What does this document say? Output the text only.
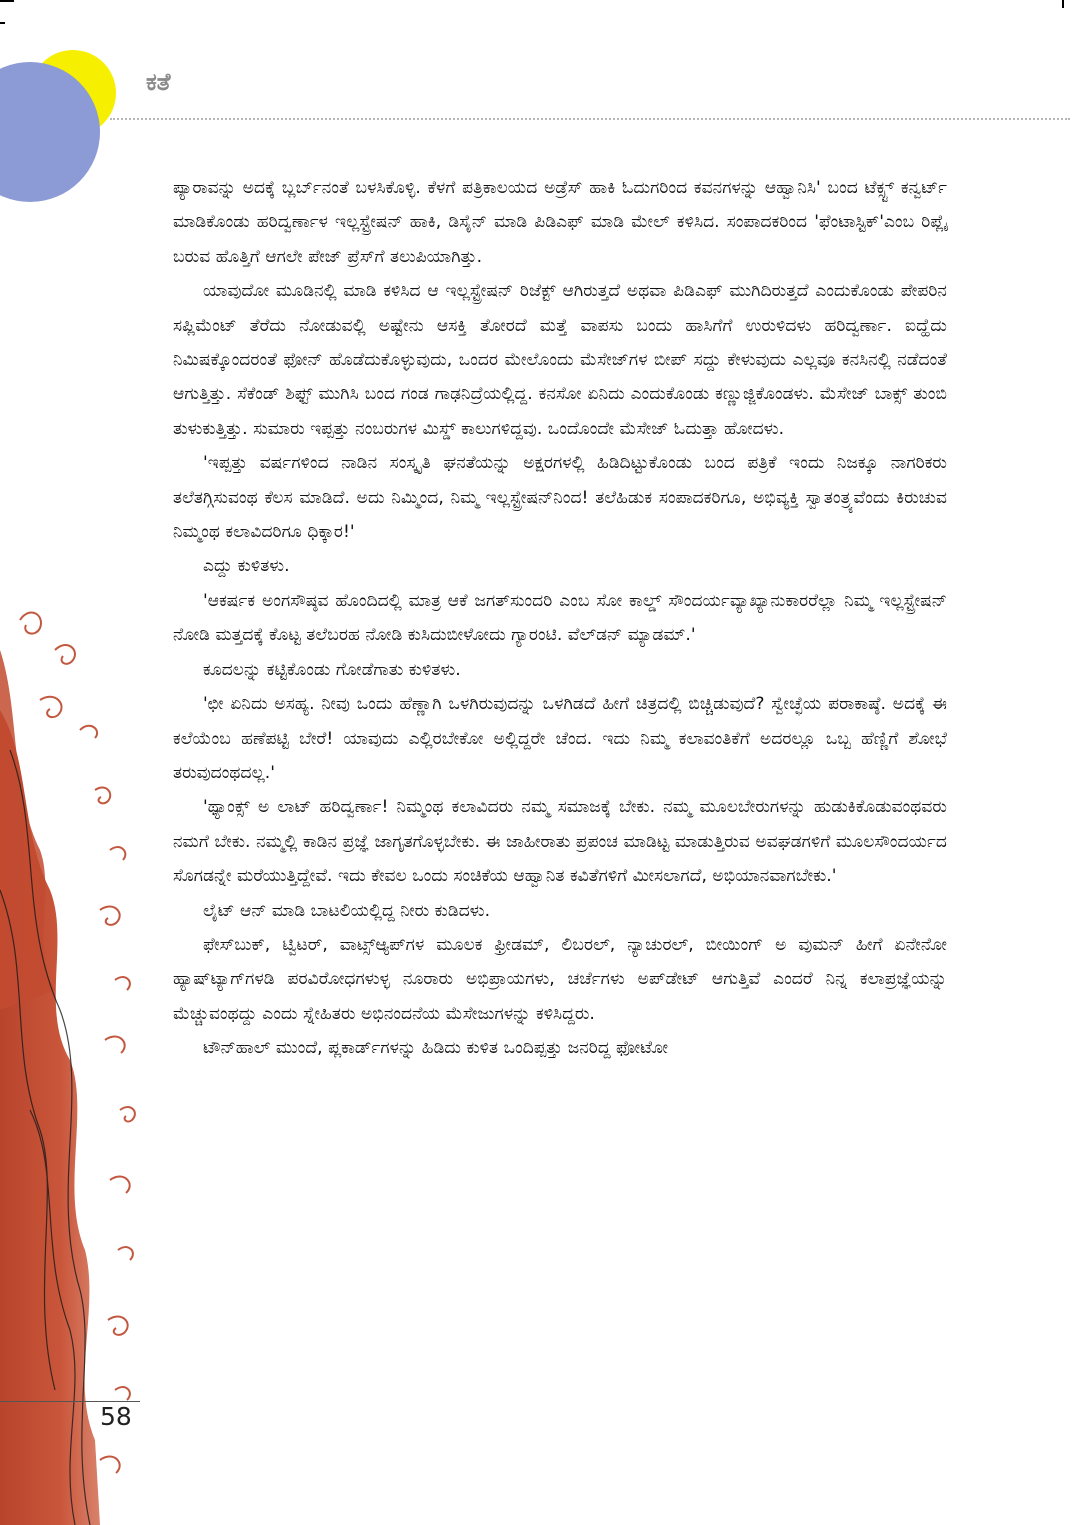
ಕತೆ

ಪ್ಯಾರಾವನ್ನು ಅದಕ್ಕೆ ಬ್ಲರ್ಬ್‌ನಂತೆ ಬಳಸಿಕೊಳ್ಳಿ. ಕೆಳಗೆ ಪತ್ರಿಕಾಲಯದ ಅಡ್ರೆಸ್ ಹಾಕಿ ಓದುಗರಿಂದ ಕವನಗಳನ್ನು ಆಹ್ವಾನಿಸಿ' ಬಂದ ಟೆಕ್ಸ್ಟ್ ಕನ್ವರ್ಟ್ ಮಾಡಿಕೊಂಡು ಹರಿದ್ವರ್ಣಾಳ ಇಲ್ಲಸ್ಟ್ರೇಷನ್ ಹಾಕಿ, ಡಿಸೈನ್ ಮಾಡಿ ಪಿಡಿಎಫ್ ಮಾಡಿ ಮೇಲ್ ಕಳಿಸಿದ. ಸಂಪಾದಕರಿಂದ 'ಫೆಂಟಾಸ್ಟಿಕ್'ಎಂಬ ರಿಪ್ಲೈ ಬರುವ ಹೊತ್ತಿಗೆ ಆಗಲೇ ಪೇಜ್ ಪ್ರೆಸ್‌ಗೆ ತಲುಪಿಯಾಗಿತ್ತು.

ಯಾವುದೋ ಮೂಡಿನಲ್ಲಿ ಮಾಡಿ ಕಳಿಸಿದ ಆ ಇಲ್ಲಸ್ಟ್ರೇಷನ್ ರಿಜೆಕ್ಟ್ ಆಗಿರುತ್ತದೆ ಅಥವಾ ಪಿಡಿಎಫ್ ಮುಗಿದಿರುತ್ತದೆ ಎಂದುಕೊಂಡು ಪೇಪರಿನ ಸಪ್ಲಿಮೆಂಟ್ ತೆರೆದು ನೋಡುವಲ್ಲಿ ಅಷ್ಟೇನು ಆಸಕ್ತಿ ತೋರದೆ ಮತ್ತೆ ವಾಪಸು ಬಂದು ಹಾಸಿಗೆಗೆ ಉರುಳಿದಳು ಹರಿದ್ವರ್ಣಾ. ಐದ್ಹೆದು ನಿಮಿಷಕ್ಕೊಂದರಂತೆ ಫೋನ್ ಹೊಡೆದುಕೊಳ್ಳುವುದು, ಒಂದರ ಮೇಲೊಂದು ಮೆಸೇಜ್‌ಗಳ ಬೀಪ್ ಸದ್ದು ಕೇಳುವುದು ಎಲ್ಲವೂ ಕನಸಿನಲ್ಲಿ ನಡೆದಂತೆ ಆಗುತ್ತಿತ್ತು. ಸೆಕೆಂಡ್ ಶಿಫ್ಟ್ ಮುಗಿಸಿ ಬಂದ ಗಂಡ ಗಾಢನಿದ್ರೆಯಲ್ಲಿದ್ದ. ಕನಸೋ ಏನಿದು ಎಂದುಕೊಂಡು ಕಣ್ಣುಜ್ಜಿಕೊಂಡಳು. ಮೆಸೇಜ್ ಬಾಕ್ಸ್ ತುಂಬಿ ತುಳುಕುತ್ತಿತ್ತು. ಸುಮಾರು ಇಪ್ಪತ್ತು ನಂಬರುಗಳ ಮಿಸ್ಡ್ ಕಾಲುಗಳಿದ್ದವು. ಒಂದೊಂದೇ ಮೆಸೇಜ್ ಓದುತ್ತಾ ಹೋದಳು.

'ಇಪ್ಪತ್ತು ವರ್ಷಗಳಿಂದ ನಾಡಿನ ಸಂಸ್ಕೃತಿ ಘನತೆಯನ್ನು ಅಕ್ಷರಗಳಲ್ಲಿ ಹಿಡಿದಿಟ್ಟುಕೊಂಡು ಬಂದ ಪತ್ರಿಕೆ ಇಂದು ನಿಜಕ್ಕೂ ನಾಗರಿಕರು ತಲೆತಗ್ಗಿಸುವಂಥ ಕೆಲಸ ಮಾಡಿದೆ. ಅದು ನಿಮ್ಮಿಂದ, ನಿಮ್ಮ ಇಲ್ಲಸ್ಟ್ರೇಷನ್‌ನಿಂದ! ತಲೆಹಿಡುಕ ಸಂಪಾದಕರಿಗೂ, ಅಭಿವ್ಯಕ್ತಿ ಸ್ವಾತಂತ್ರ್ಯವೆಂದು ಕಿರುಚುವ ನಿಮ್ಮಂಥ ಕಲಾವಿದರಿಗೂ ಧಿಕ್ಕಾರ!'

ಎದ್ದು ಕುಳಿತಳು.

'ಆಕರ್ಷಕ ಅಂಗಸೌಷ್ಠವ ಹೊಂದಿದಲ್ಲಿ ಮಾತ್ರ ಆಕೆ ಜಗತ್‌ಸುಂದರಿ ಎಂಬ ಸೋ ಕಾಲ್ಡ್ ಸೌಂದರ್ಯವ್ಯಾಖ್ಯಾನುಕಾರರೆಲ್ಲಾ ನಿಮ್ಮ ಇಲ್ಲಸ್ಟ್ರೇಷನ್ ನೋಡಿ ಮತ್ತದಕ್ಕೆ ಕೊಟ್ಟ ತಲೆಬರಹ ನೋಡಿ ಕುಸಿದುಬೀಳೋದು ಗ್ಯಾರಂಟಿ. ವೆಲ್‌ಡನ್ ಮ್ಯಾಡಮ್.'

ಕೂದಲನ್ನು ಕಟ್ಟಿಕೊಂಡು ಗೋಡೆಗಾತು ಕುಳಿತಳು.

'ಛೀ ಏನಿದು ಅಸಹ್ಯ. ನೀವು ಒಂದು ಹೆಣ್ಣಾಗಿ ಒಳಗಿರುವುದನ್ನು ಒಳಗಿಡದೆ ಹೀಗೆ ಚಿತ್ರದಲ್ಲಿ ಬಿಚ್ಚಿಡುವುದೆ? ಸ್ವೇಚ್ಛೆಯ ಪರಾಕಾಷ್ಠೆ. ಅದಕ್ಕೆ ಈ ಕಲೆಯೆಂಬ ಹಣೆಪಟ್ಟಿ ಬೇರೆ! ಯಾವುದು ಎಲ್ಲಿರಬೇಕೋ ಅಲ್ಲಿದ್ದರೇ ಚೆಂದ. ಇದು ನಿಮ್ಮ ಕಲಾವಂತಿಕೆಗೆ ಅದರಲ್ಲೂ ಒಬ್ಬ ಹೆಣ್ಣಿಗೆ ಶೋಭೆ ತರುವುದಂಥದಲ್ಲ.'

'ಥ್ಯಾಂಕ್ಸ್ ಅ ಲಾಟ್ ಹರಿದ್ವರ್ಣಾ! ನಿಮ್ಮಂಥ ಕಲಾವಿದರು ನಮ್ಮ ಸಮಾಜಕ್ಕೆ ಬೇಕು. ನಮ್ಮ ಮೂಲಬೇರುಗಳನ್ನು ಹುಡುಕಿಕೊಡುವಂಥವರು ನಮಗೆ ಬೇಕು. ನಮ್ಮಲ್ಲಿ ಕಾಡಿನ ಪ್ರಜ್ಞೆ ಜಾಗೃತಗೊಳ್ಳಬೇಕು. ಈ ಜಾಹೀರಾತು ಪ್ರಪಂಚ ಮಾಡಿಟ್ಟ ಮಾಡುತ್ತಿರುವ ಅವಘಡಗಳಿಗೆ ಮೂಲಸೌಂದರ್ಯದ ಸೊಗಡನ್ನೇ ಮರೆಯುತ್ತಿದ್ದೇವೆ. ಇದು ಕೇವಲ ಒಂದು ಸಂಚಿಕೆಯ ಆಹ್ವಾನಿತ ಕವಿತೆಗಳಿಗೆ ಮೀಸಲಾಗದೆ, ಅಭಿಯಾನವಾಗಬೇಕು.'

ಲೈಟ್ ಆನ್ ಮಾಡಿ ಬಾಟಲಿಯಲ್ಲಿದ್ದ ನೀರು ಕುಡಿದಳು.

ಫೇಸ್‌ಬುಕ್, ಟ್ವಿಟರ್, ವಾಟ್ಸ್ಆ್ಯಪ್‌ಗಳ ಮೂಲಕ ಫ್ರೀಡಮ್, ಲಿಬರಲ್, ನ್ಯಾಚುರಲ್, ಬೀಯಿಂಗ್ ಅ ವುಮನ್ ಹೀಗೆ ಏನೇನೋ ಹ್ಯಾಷ್‌ಟ್ಯಾಗ್‌ಗಳಡಿ ಪರವಿರೋಧಗಳುಳ್ಳ ನೂರಾರು ಅಭಿಪ್ರಾಯಗಳು, ಚರ್ಚೆಗಳು ಅಪ್‌ಡೇಟ್ ಆಗುತ್ತಿವೆ ಎಂದರೆ ನಿನ್ನ ಕಲಾಪ್ರಜ್ಞೆಯನ್ನು ಮೆಚ್ಚುವಂಥದ್ದು ಎಂದು ಸ್ನೇಹಿತರು ಅಭಿನಂದನೆಯ ಮೆಸೇಜುಗಳನ್ನು ಕಳಿಸಿದ್ದರು.

ಟೌನ್‌ಹಾಲ್ ಮುಂದೆ, ಪ್ಲಕಾರ್ಡ್‌ಗಳನ್ನು ಹಿಡಿದು ಕುಳಿತ ಒಂದಿಪ್ಪತ್ತು ಜನರಿದ್ದ ಫೋಟೋ

58
